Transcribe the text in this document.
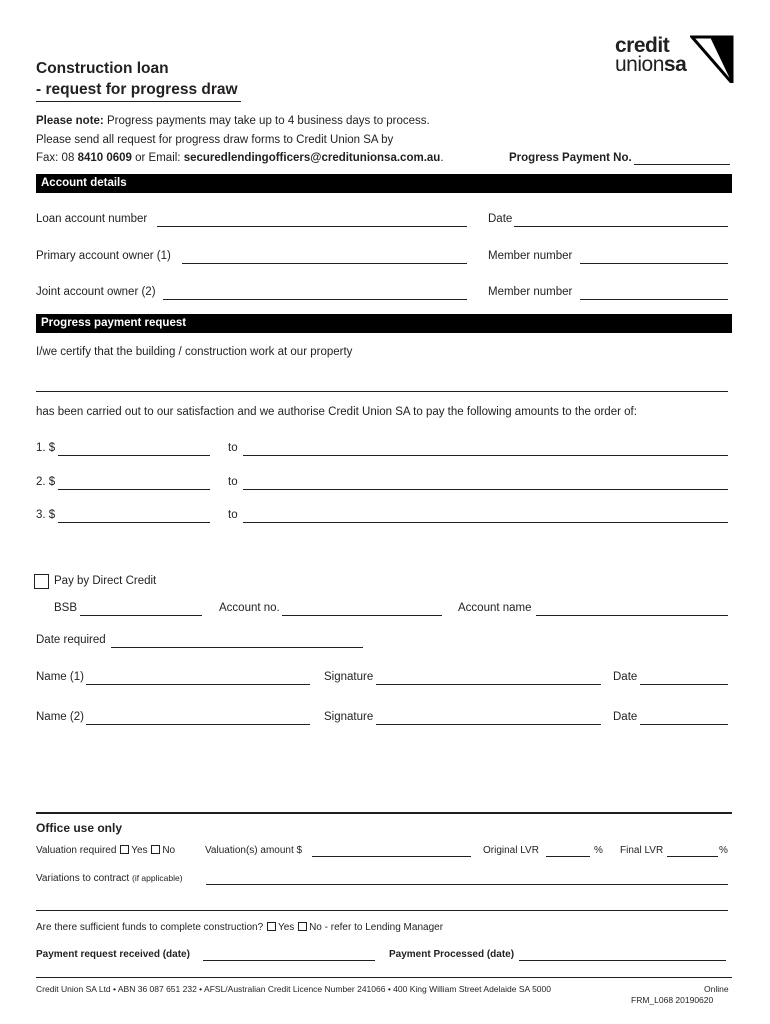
Construction loan
- request for progress draw
credit
unionsa
Please note: Progress payments may take up to 4 business days to process.
Please send all request for progress draw forms to Credit Union SA by
Fax: 08 8410 0609 or Email: securedlendingofficers@creditunionsa.com.au.	Progress Payment No.
Account details
Loan account number	Date
Primary account owner (1)	Member number
Joint account owner (2)	Member number
Progress payment request
I/we certify that the building / construction work at our property
has been carried out to our satisfaction and we authorise Credit Union SA to pay the following amounts to the order of:
1. $	to
2. $	to
3. $	to
Pay by Direct Credit
BSB	Account no.	Account name
Date required
Name (1)	Signature	Date
Name (2)	Signature	Date
Office use only
Valuation required Yes No	Valuation(s) amount $	Original LVR	% Final LVR	%
Variations to contract (if applicable)
Are there sufficient funds to complete construction? Yes No - refer to Lending Manager
Payment request received (date)	Payment Processed (date)
Credit Union SA Ltd • ABN 36 087 651 232 • AFSL/Australian Credit Licence Number 241066 • 400 King William Street Adelaide SA 5000	Online
FRM_L068 20190620
